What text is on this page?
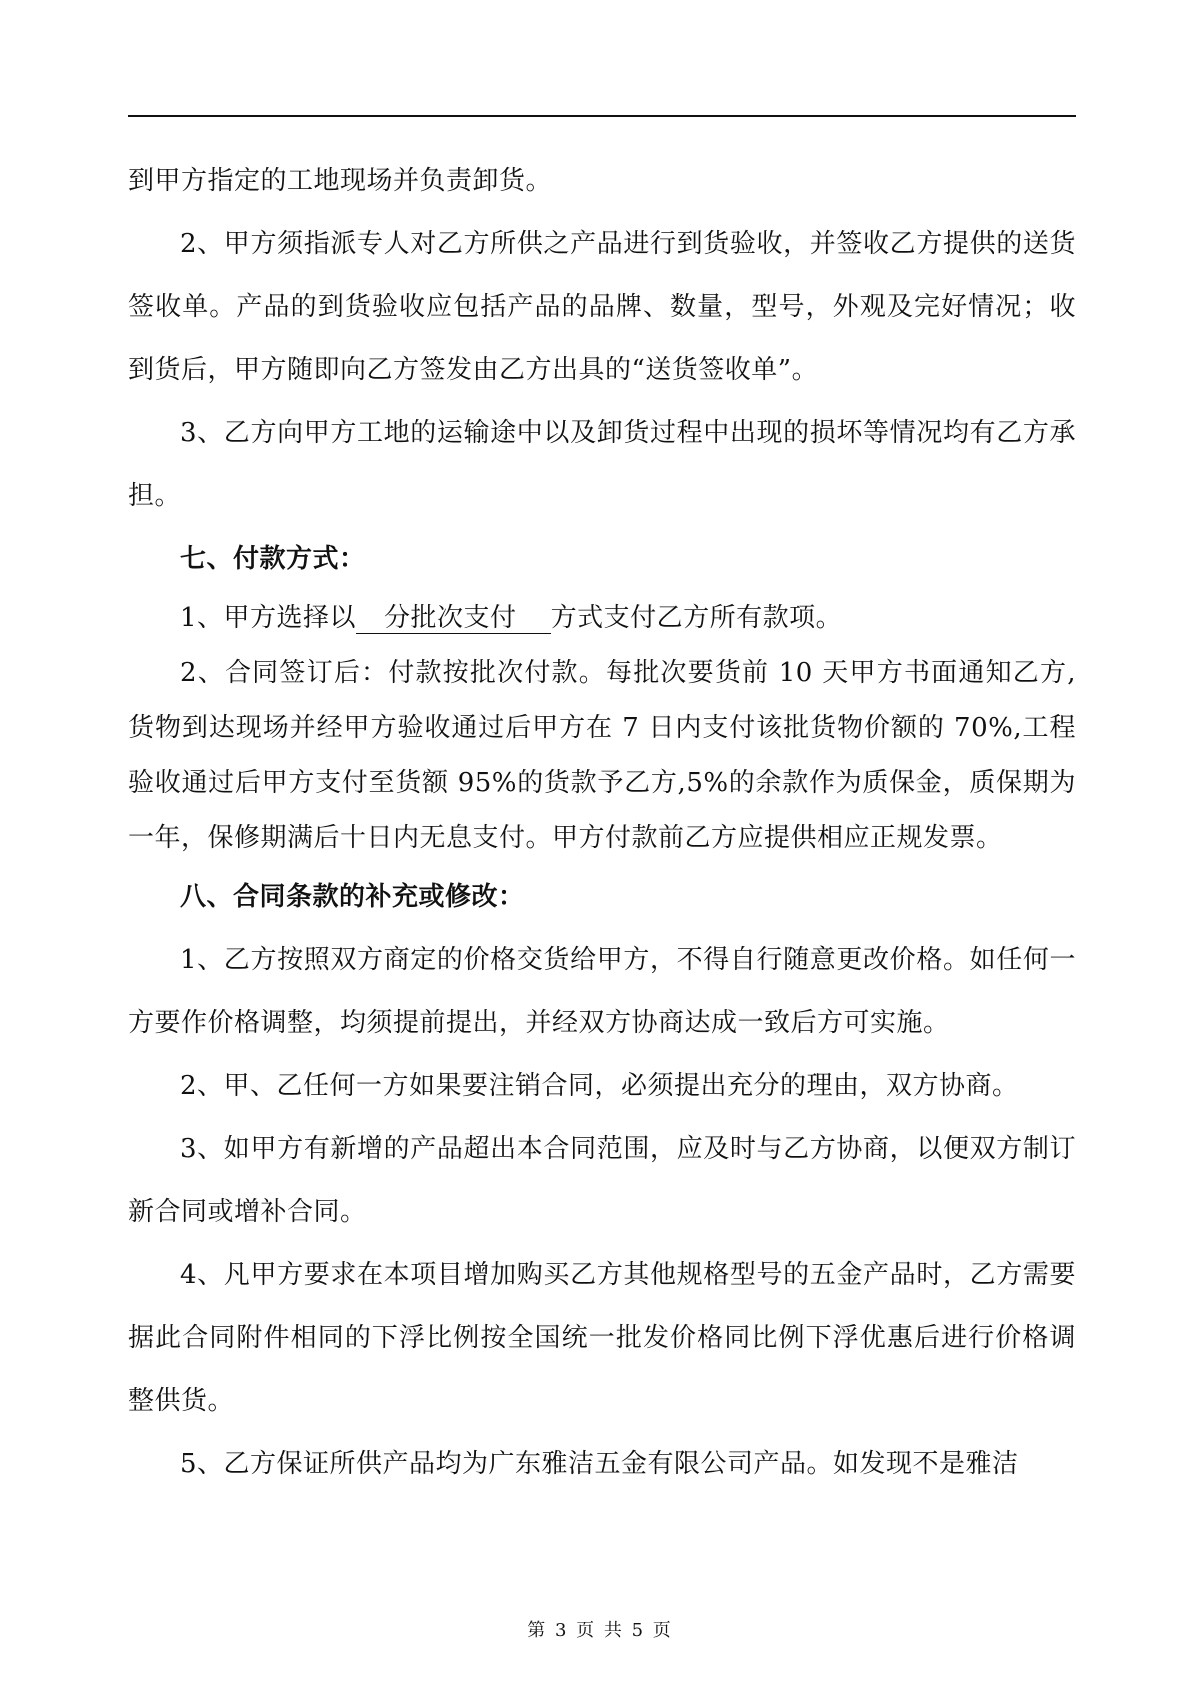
到甲方指定的工地现场并负责卸货。

2、甲方须指派专人对乙方所供之产品进行到货验收，并签收乙方提供的送货签收单。产品的到货验收应包括产品的品牌、数量，型号，外观及完好情况；收到货后，甲方随即向乙方签发由乙方出具的“送货签收单”。

3、乙方向甲方工地的运输途中以及卸货过程中出现的损坏等情况均有乙方承担。

七、付款方式：

1、甲方选择以 分批次支付 方式支付乙方所有款项。

2、合同签订后：付款按批次付款。每批次要货前 10 天甲方书面通知乙方,货物到达现场并经甲方验收通过后甲方在 7 日内支付该批货物价额的 70%,工程验收通过后甲方支付至货额 95%的货款予乙方,5%的余款作为质保金，质保期为一年，保修期满后十日内无息支付。甲方付款前乙方应提供相应正规发票。

八、合同条款的补充或修改：

1、乙方按照双方商定的价格交货给甲方，不得自行随意更改价格。如任何一方要作价格调整，均须提前提出，并经双方协商达成一致后方可实施。

2、甲、乙任何一方如果要注销合同，必须提出充分的理由，双方协商。

3、如甲方有新增的产品超出本合同范围，应及时与乙方协商，以便双方制订新合同或增补合同。

4、凡甲方要求在本项目增加购买乙方其他规格型号的五金产品时，乙方需要据此合同附件相同的下浮比例按全国统一批发价格同比例下浮优惠后进行价格调整供货。

5、乙方保证所供产品均为广东雅洁五金有限公司产品。如发现不是雅洁

第 3 页 共 5 页
